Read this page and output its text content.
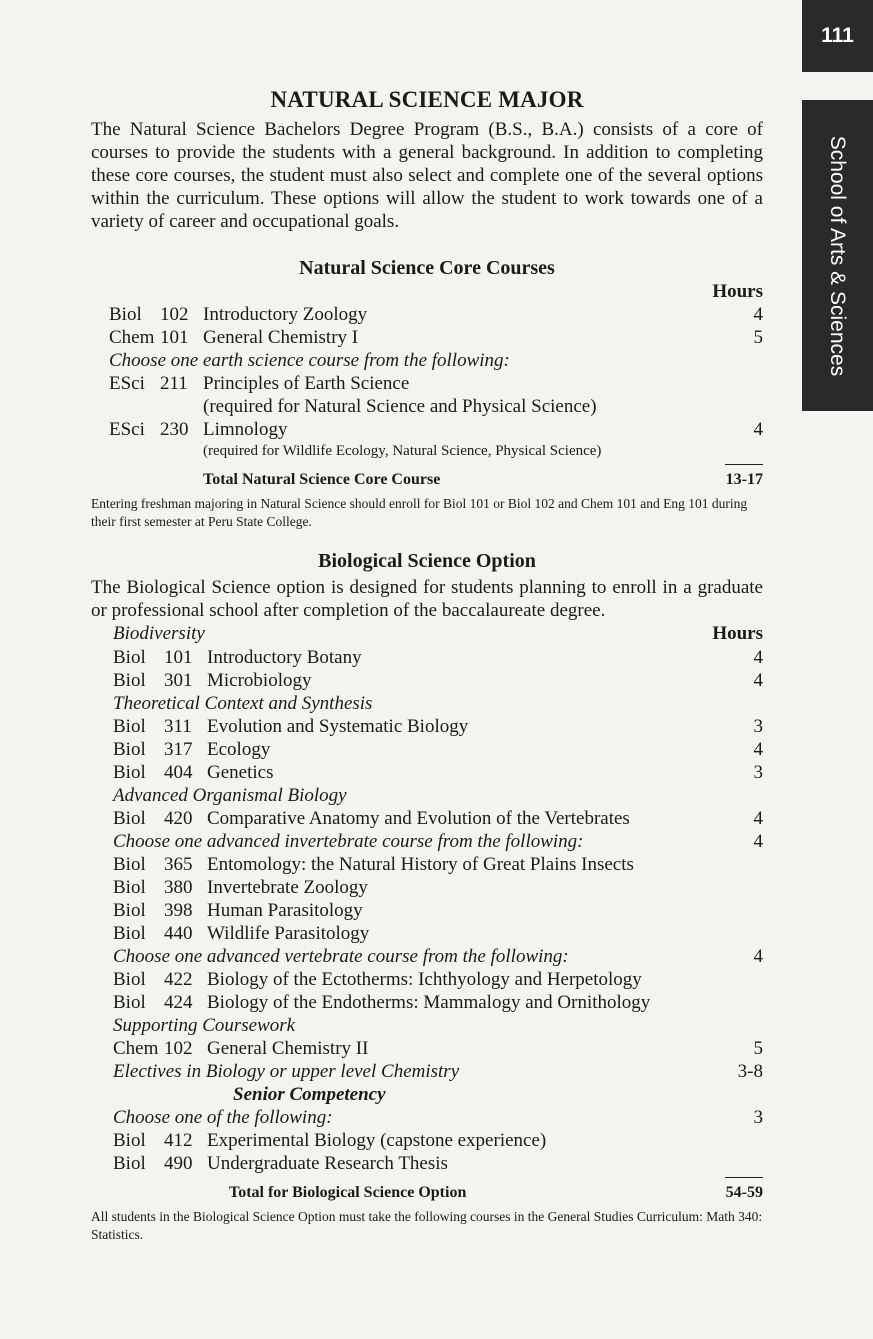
111
School of Arts & Sciences
NATURAL SCIENCE MAJOR

The Natural Science Bachelors Degree Program (B.S., B.A.) consists of a core of courses to provide the students with a general background. In addition to completing these core courses, the student must also select and complete one of the several options within the curriculum. These options will allow the student to work towards one of a variety of career and occupational goals.

Natural Science Core Courses
Hours
Biol 102 Introductory Zoology	4
Chem 101 General Chemistry I	5
Choose one earth science course from the following:
ESci 211 Principles of Earth Science
(required for Natural Science and Physical Science)
ESci 230 Limnology	4
(required for Wildlife Ecology, Natural Science, Physical Science)
Total Natural Science Core Course	13-17

Entering freshman majoring in Natural Science should enroll for Biol 101 or Biol 102 and Chem 101 and Eng 101 during their first semester at Peru State College.

Biological Science Option

The Biological Science option is designed for students planning to enroll in a graduate or professional school after completion of the baccalaureate degree.

Biodiversity	Hours
Biol 101 Introductory Botany	4
Biol 301 Microbiology	4
Theoretical Context and Synthesis
Biol 311 Evolution and Systematic Biology	3
Biol 317 Ecology	4
Biol 404 Genetics	3
Advanced Organismal Biology
Biol 420 Comparative Anatomy and Evolution of the Vertebrates	4
Choose one advanced invertebrate course from the following:	4
Biol 365 Entomology: the Natural History of Great Plains Insects
Biol 380 Invertebrate Zoology
Biol 398 Human Parasitology
Biol 440 Wildlife Parasitology
Choose one advanced vertebrate course from the following:	4
Biol 422 Biology of the Ectotherms: Ichthyology and Herpetology
Biol 424 Biology of the Endotherms: Mammalogy and Ornithology
Supporting Coursework
Chem 102 General Chemistry II	5
Electives in Biology or upper level Chemistry	3-8
Senior Competency
Choose one of the following:	3
Biol 412 Experimental Biology (capstone experience)
Biol 490 Undergraduate Research Thesis
Total for Biological Science Option	54-59

All students in the Biological Science Option must take the following courses in the General Studies Curriculum: Math 340: Statistics.
